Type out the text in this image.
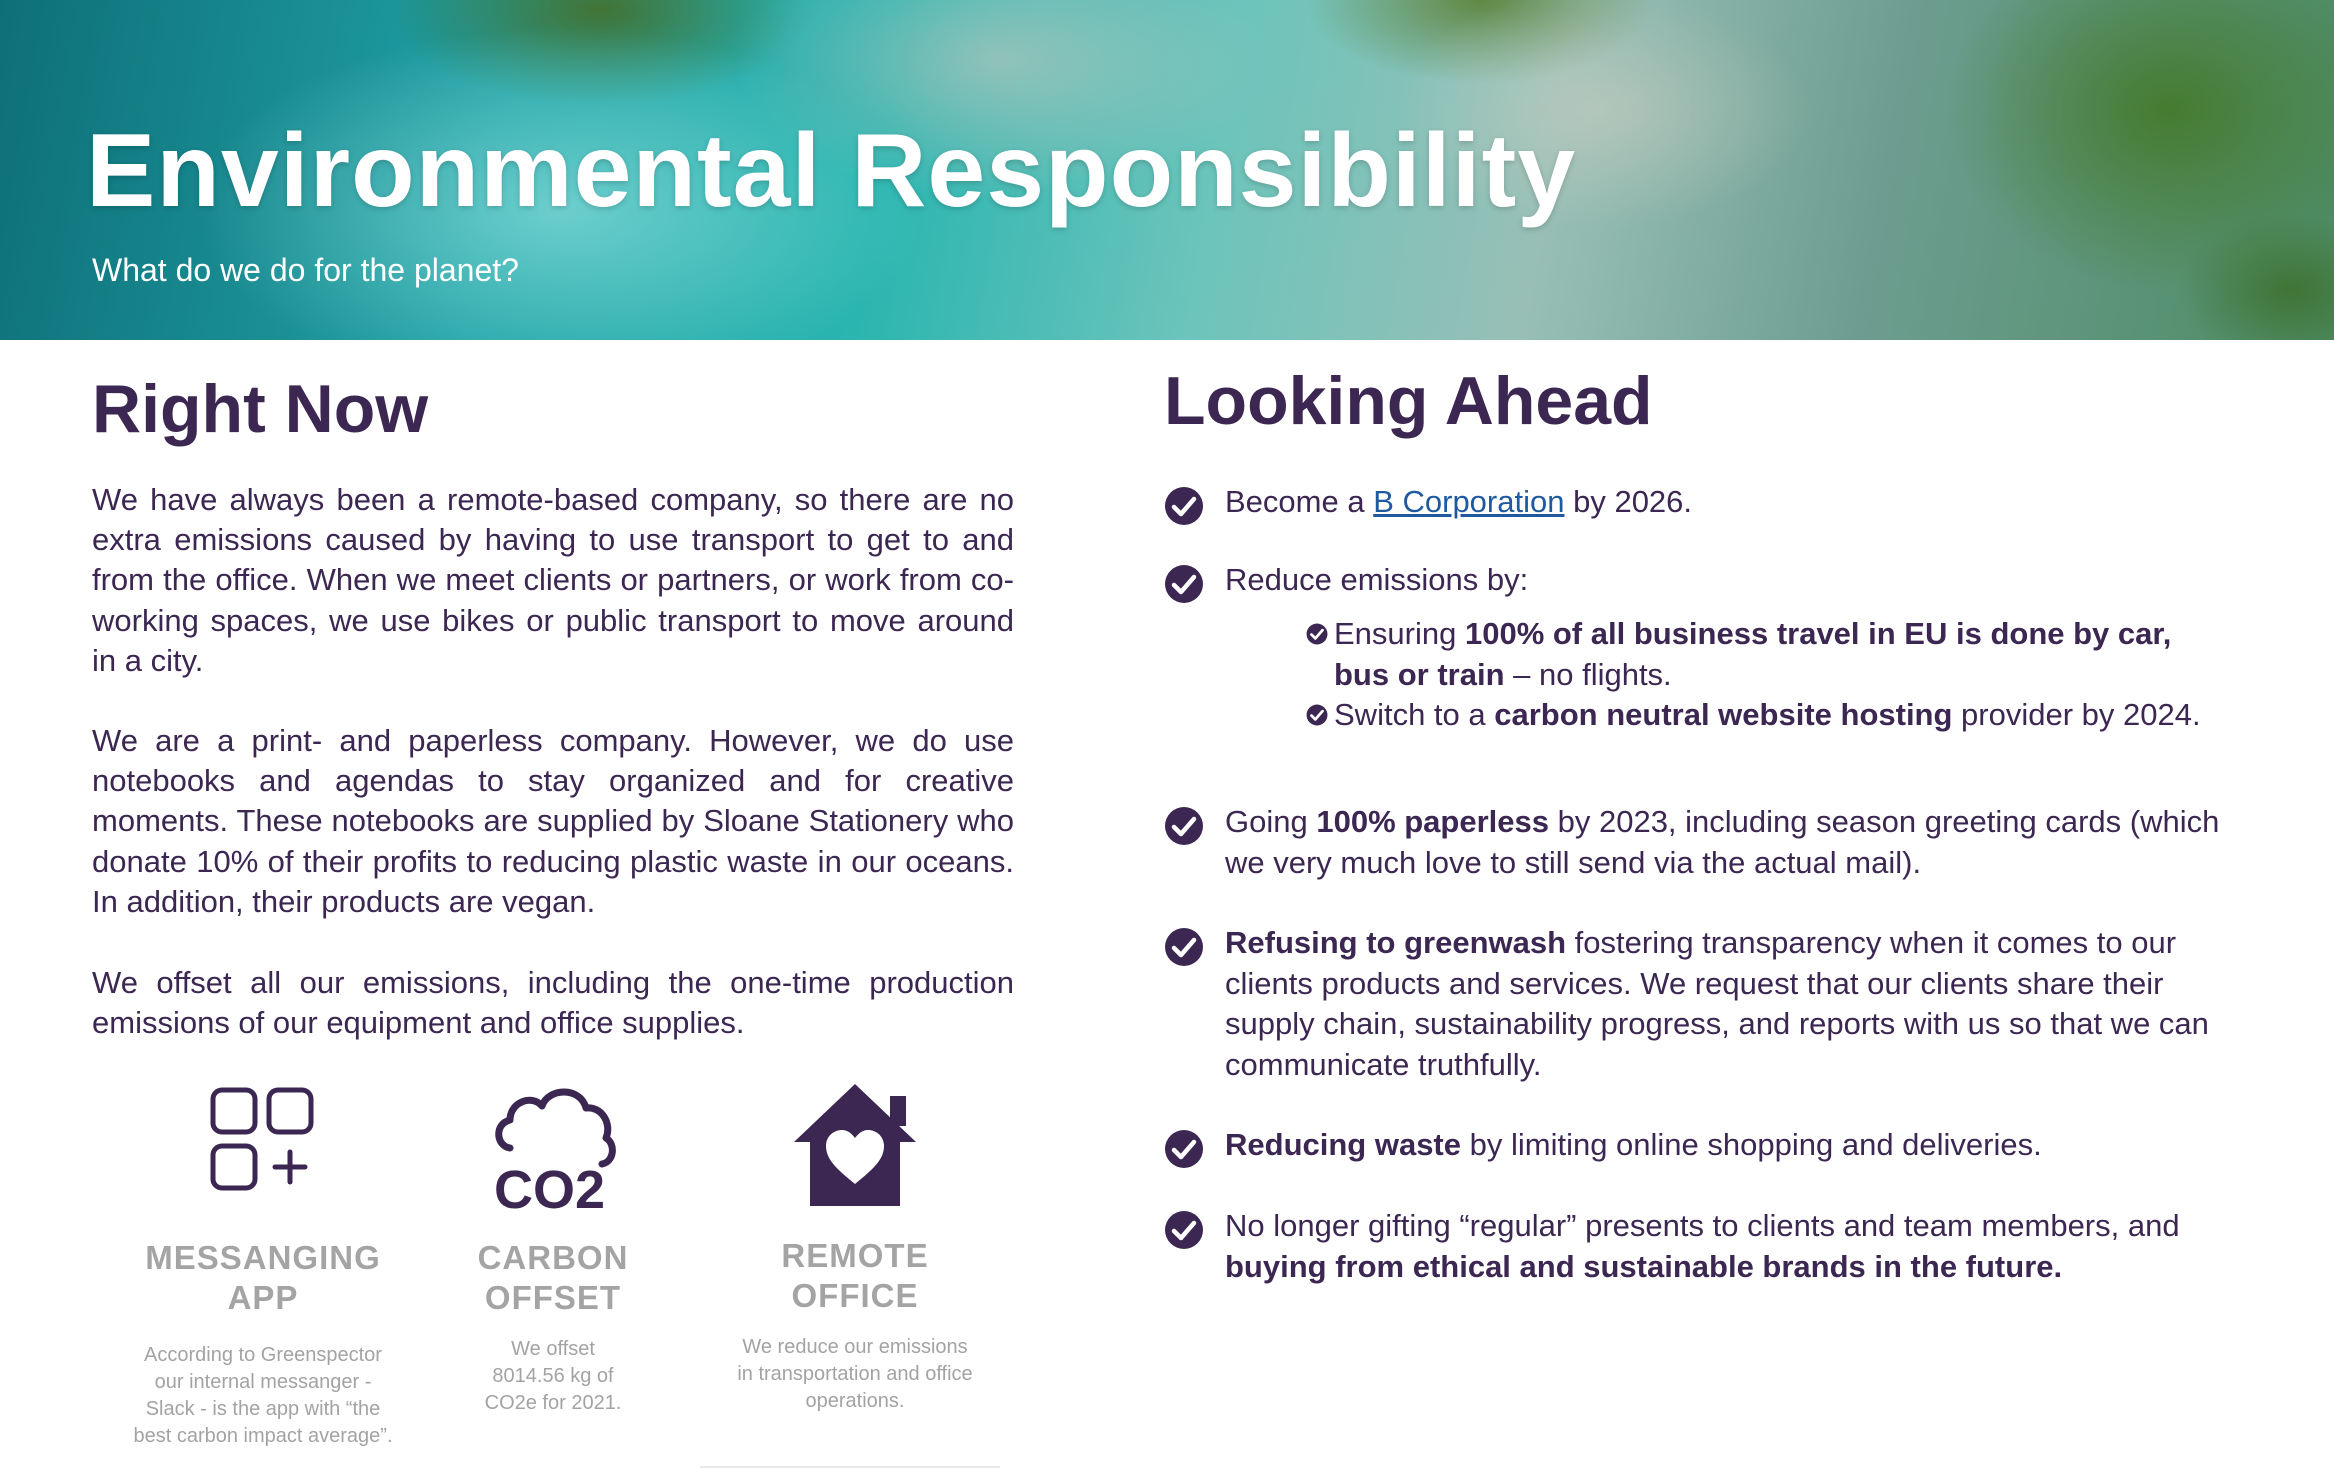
Environmental Responsibility

What do we do for the planet?

Right Now

We have always been a remote-based company, so there are no extra emissions caused by having to use transport to get to and from the office. When we meet clients or partners, or work from co-working spaces, we use bikes or public transport to move around in a city.

We are a print- and paperless company. However, we do use notebooks and agendas to stay organized and for creative moments. These notebooks are supplied by Sloane Stationery who donate 10% of their profits to reducing plastic waste in our oceans. In addition, their products are vegan.

We offset all our emissions, including the one-time production emissions of our equipment and office supplies.

MESSANGING

APP

According to Greenspector

our internal messanger -

Slack - is the app with “the

best carbon impact average”.

CO2

CARBON

OFFSET

We offset

8014.56 kg of

CO2e for 2021.

REMOTE

OFFICE

We reduce our emissions

in transportation and office

operations.

Looking Ahead
Become a B Corporation by 2026.
Reduce emissions by:
Ensuring 100% of all business travel in EU is done by car, bus or train – no flights.
Switch to a carbon neutral website hosting provider by 2024.
Going 100% paperless by 2023, including season greeting cards (which we very much love to still send via the actual mail).
Refusing to greenwash fostering transparency when it comes to our clients products and services. We request that our clients share their supply chain, sustainability progress, and reports with us so that we can communicate truthfully.
Reducing waste by limiting online shopping and deliveries.
No longer gifting “regular” presents to clients and team members, and buying from ethical and sustainable brands in the future.
